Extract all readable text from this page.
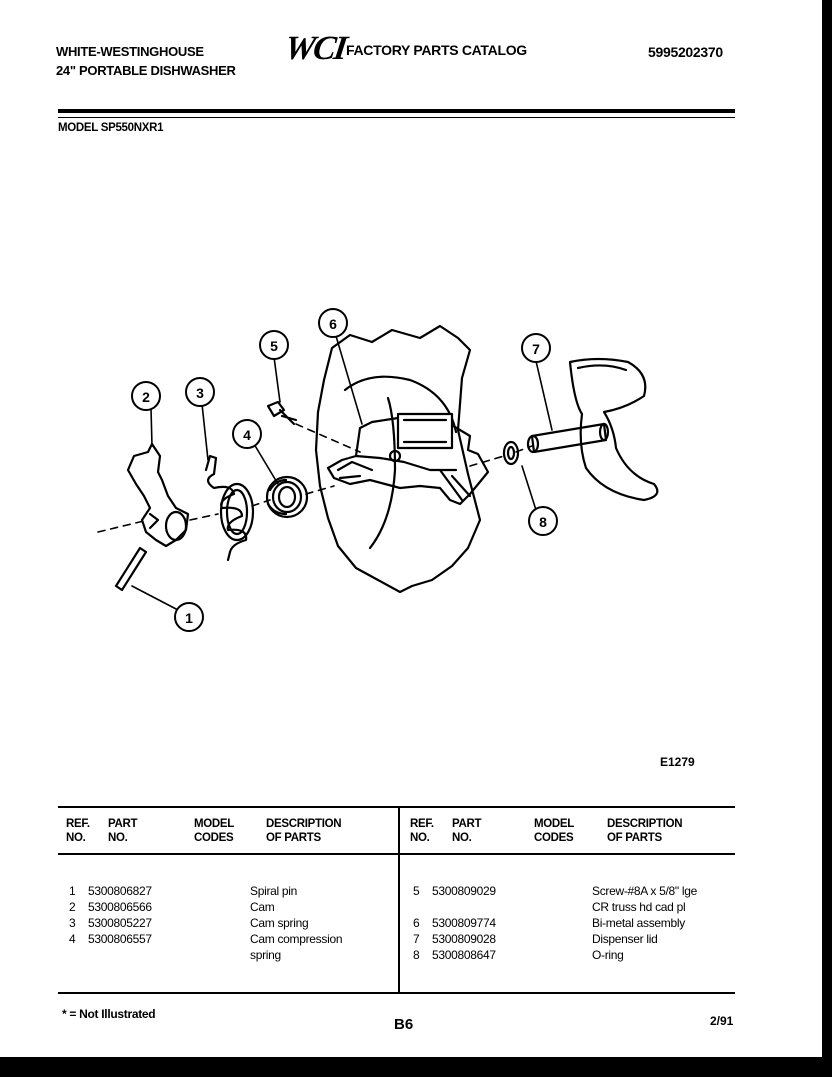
WHITE-WESTINGHOUSE
24" PORTABLE DISHWASHER
WCI
FACTORY PARTS CATALOG	5995202370
MODEL SP550NXR1
1
2	3
4
5
6
7
8
E1279
REF.
NO.
PART
NO.
MODEL
CODES
DESCRIPTION
OF PARTS
REF.
NO.
PART
NO.
MODEL
CODES
DESCRIPTION
OF PARTS
1 5300806827	Spiral pin
2 5300806566	Cam
3 5300805227	Cam spring
4 5300806557	Cam compression
spring
5 5300809029	Screw-#8A x 5/8" lge
CR truss hd cad pl
6 5300809774	Bi-metal assembly
7 5300809028	Dispenser lid
8 5300808647	O-ring
* = Not Illustrated
B6	2/91
